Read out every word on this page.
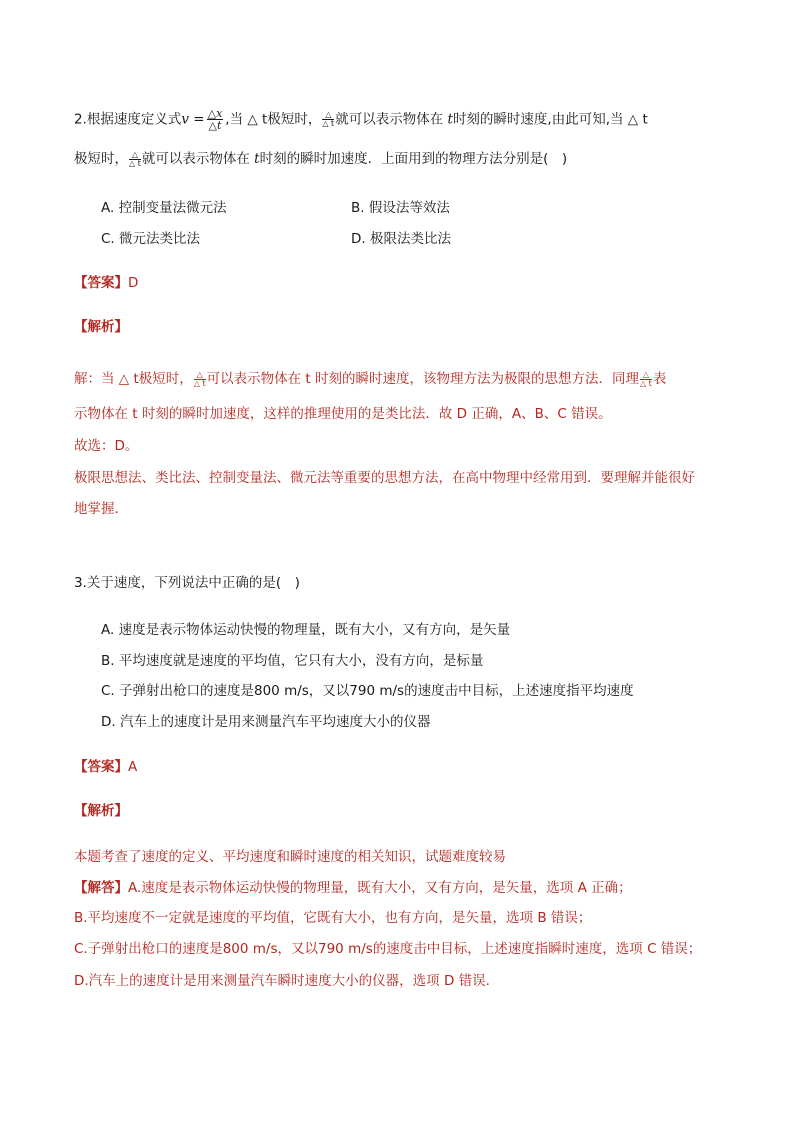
2.根据速度定义式$v = \frac{\triangle x}{\triangle t}$ ,当 △ t极短时， $\frac{\triangle}{\triangle t}$ 就可以表示物体在 t时刻的瞬时速度,由此可知,当 △ t
极短时， $\frac{\triangle}{\triangle t}$ 就可以表示物体在 t时刻的瞬时加速度．上面用到的物理方法分别是(　)
A. 控制变量法微元法	B. 假设法等效法
C. 微元法类比法	D. 极限法类比法
【答案】D
【解析】
解：当 △ t极短时， $\frac{\triangle}{\triangle t}$ 可以表示物体在 t 时刻的瞬时速度，该物理方法为极限的思想方法．同理 $\frac{\triangle}{\triangle t}$ 表
示物体在 t 时刻的瞬时加速度，这样的推理使用的是类比法．故 D 正确，A、B、C 错误。
故选：D。
极限思想法、类比法、控制变量法、微元法等重要的思想方法，在高中物理中经常用到．要理解并能很好
地掌握．
3.关于速度，下列说法中正确的是(　)
A. 速度是表示物体运动快慢的物理量，既有大小，又有方向，是矢量
B. 平均速度就是速度的平均值，它只有大小，没有方向，是标量
C. 子弹射出枪口的速度是800 m/s，又以790 m/s的速度击中目标，上述速度指平均速度
D. 汽车上的速度计是用来测量汽车平均速度大小的仪器
【答案】A
【解析】
本题考查了速度的定义、平均速度和瞬时速度的相关知识，试题难度较易
【解答】A.速度是表示物体运动快慢的物理量，既有大小，又有方向，是矢量，选项 A 正确；
B.平均速度不一定就是速度的平均值，它既有大小，也有方向，是矢量，选项 B 错误；
C.子弹射出枪口的速度是800 m/s，又以790 m/s的速度击中目标，上述速度指瞬时速度，选项 C 错误；
D.汽车上的速度计是用来测量汽车瞬时速度大小的仪器，选项 D 错误．
